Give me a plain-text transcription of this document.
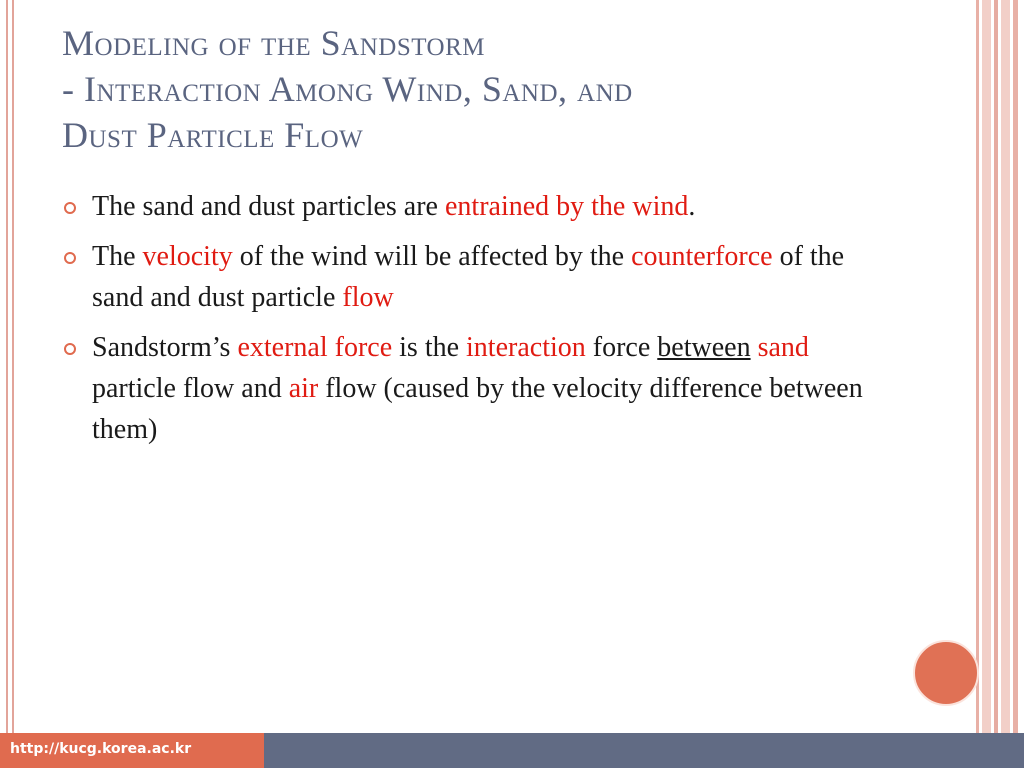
Modeling of the Sandstorm
- Interaction Among Wind, Sand, and
Dust Particle Flow
The sand and dust particles are entrained by the wind.
The velocity of the wind will be affected by the counterforce of the sand and dust particle flow
Sandstorm’s external force is the interaction force between sand particle flow and air flow (caused by the velocity difference between them)
http://kucg.korea.ac.kr
